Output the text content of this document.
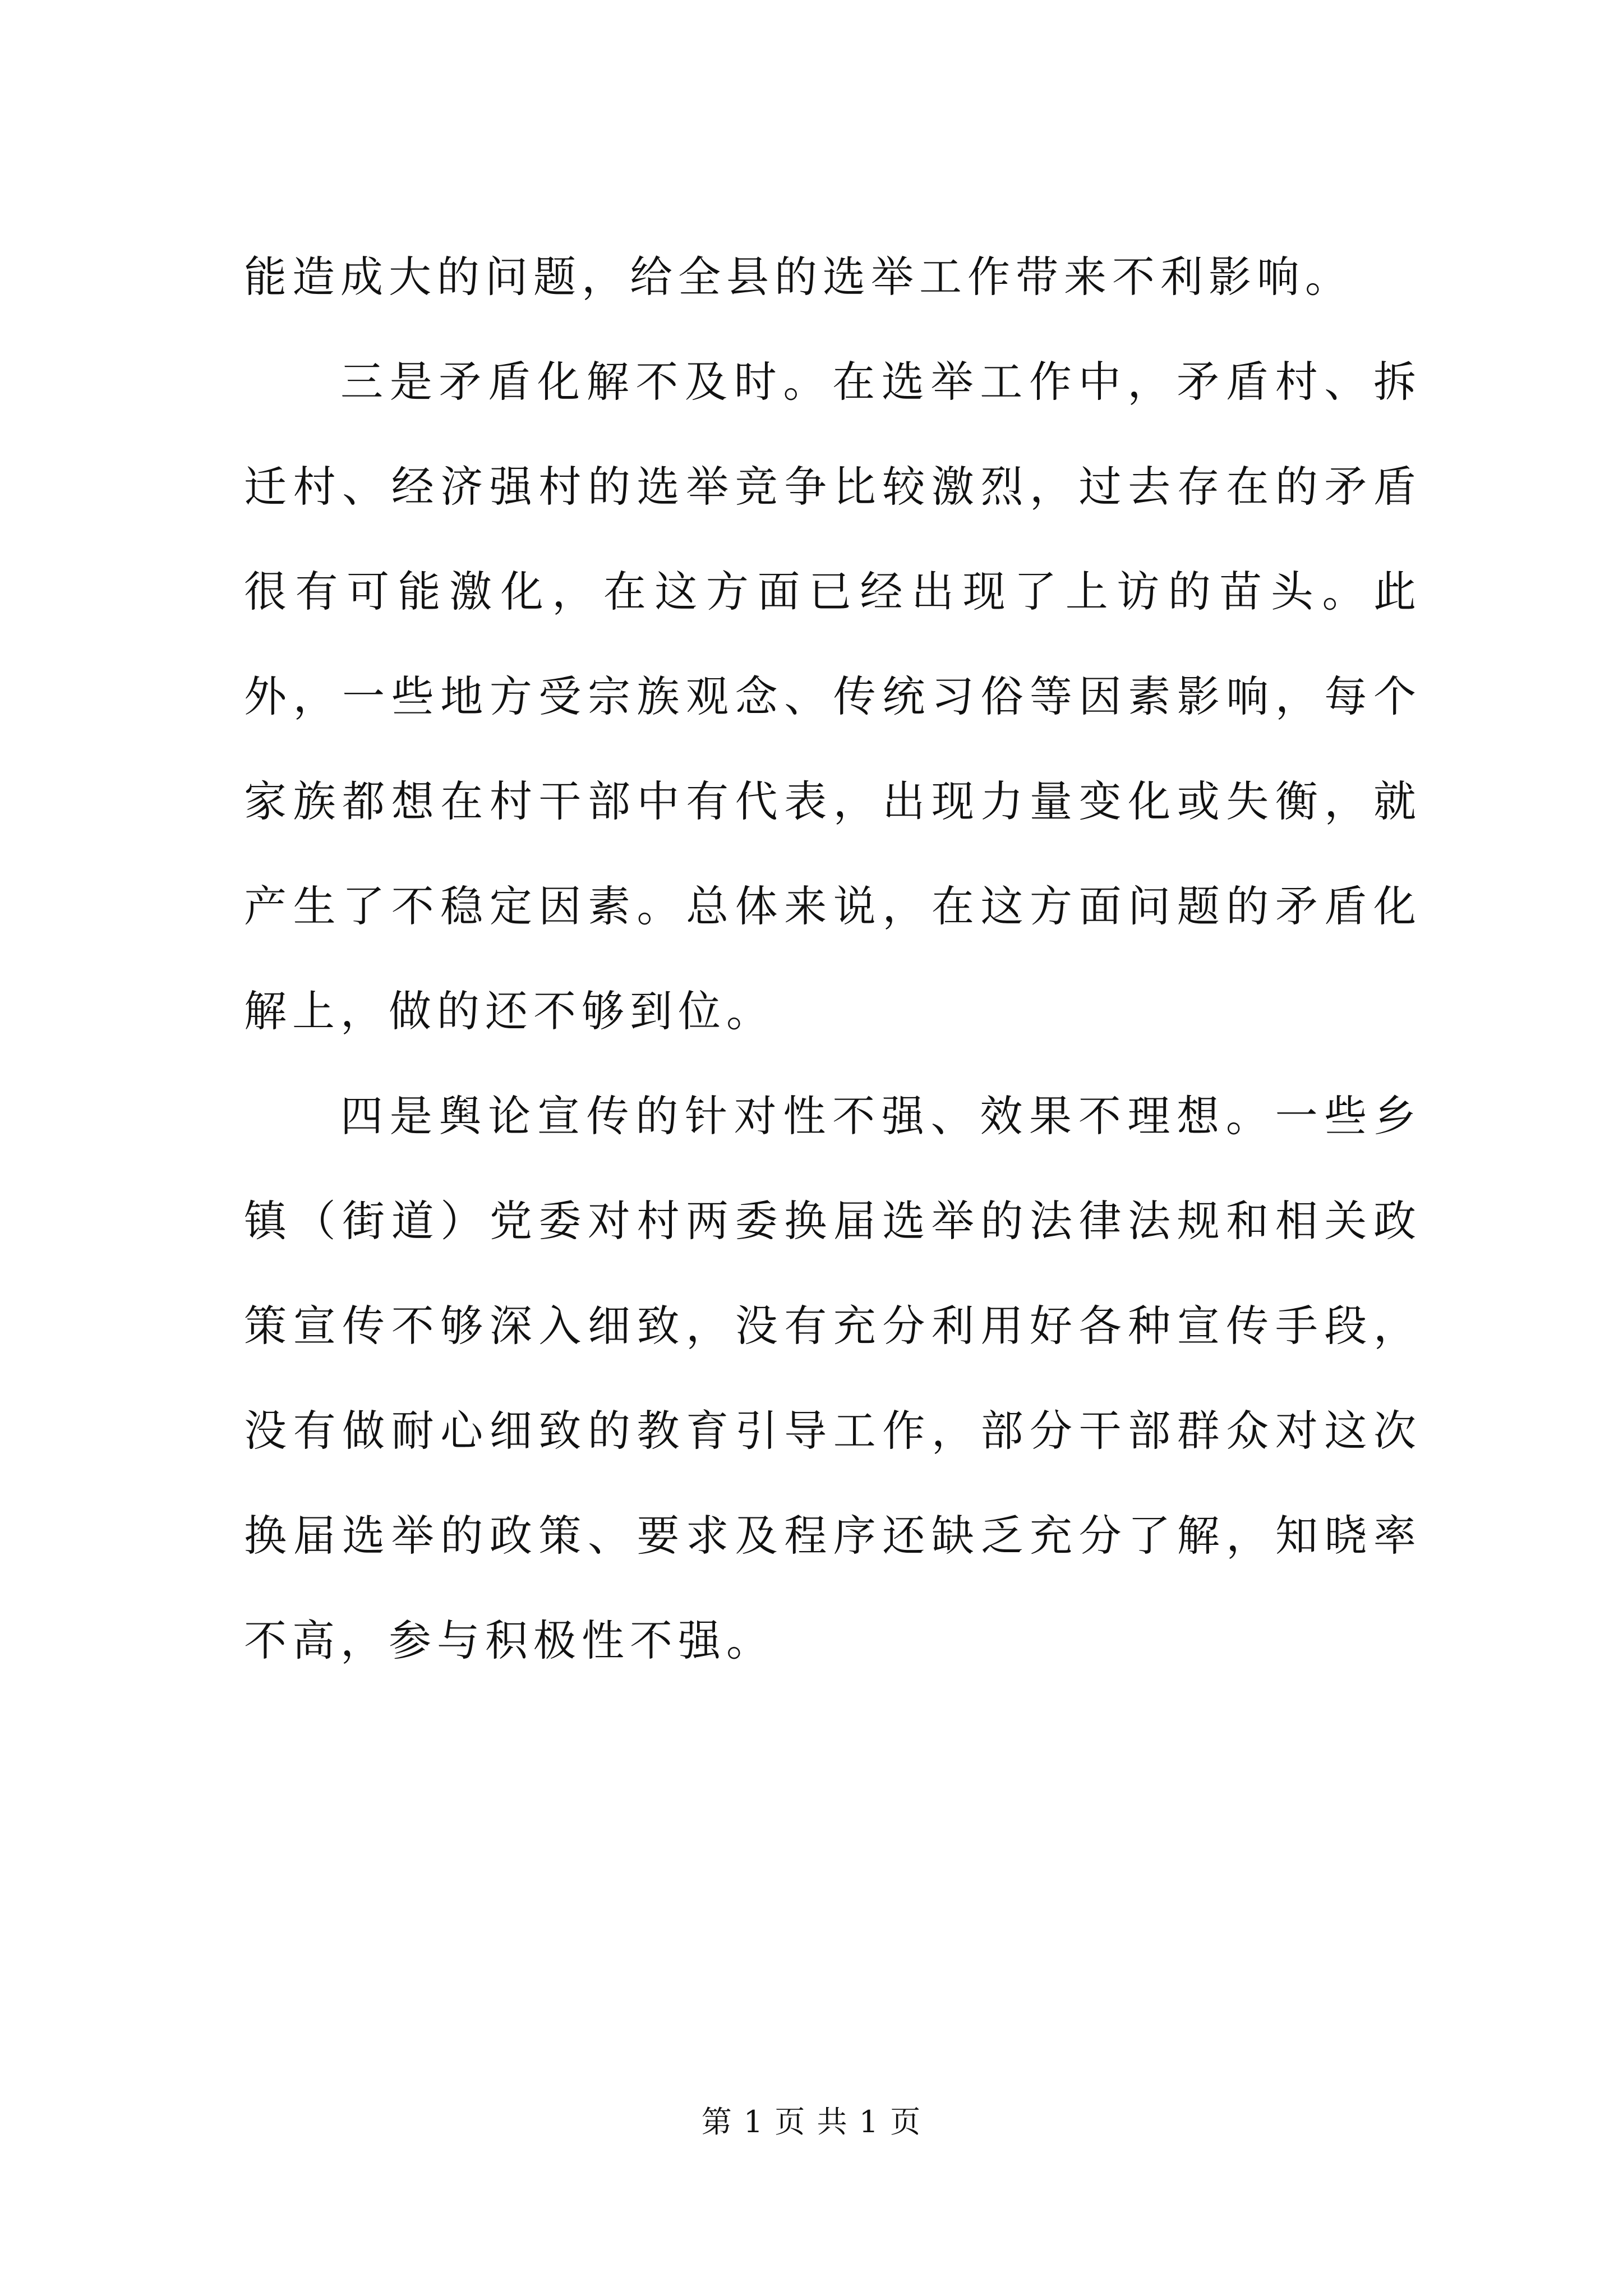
能造成大的问题，给全县的选举工作带来不利影响。

三是矛盾化解不及时。在选举工作中，矛盾村、拆迁村、经济强村的选举竞争比较激烈，过去存在的矛盾很有可能激化，在这方面已经出现了上访的苗头。此外，一些地方受宗族观念、传统习俗等因素影响，每个家族都想在村干部中有代表，出现力量变化或失衡，就产生了不稳定因素。总体来说，在这方面问题的矛盾化解上，做的还不够到位。

四是舆论宣传的针对性不强、效果不理想。一些乡镇（街道）党委对村两委换届选举的法律法规和相关政策宣传不够深入细致，没有充分利用好各种宣传手段，没有做耐心细致的教育引导工作，部分干部群众对这次换届选举的政策、要求及程序还缺乏充分了解，知晓率不高，参与积极性不强。

第 1 页 共 1 页
